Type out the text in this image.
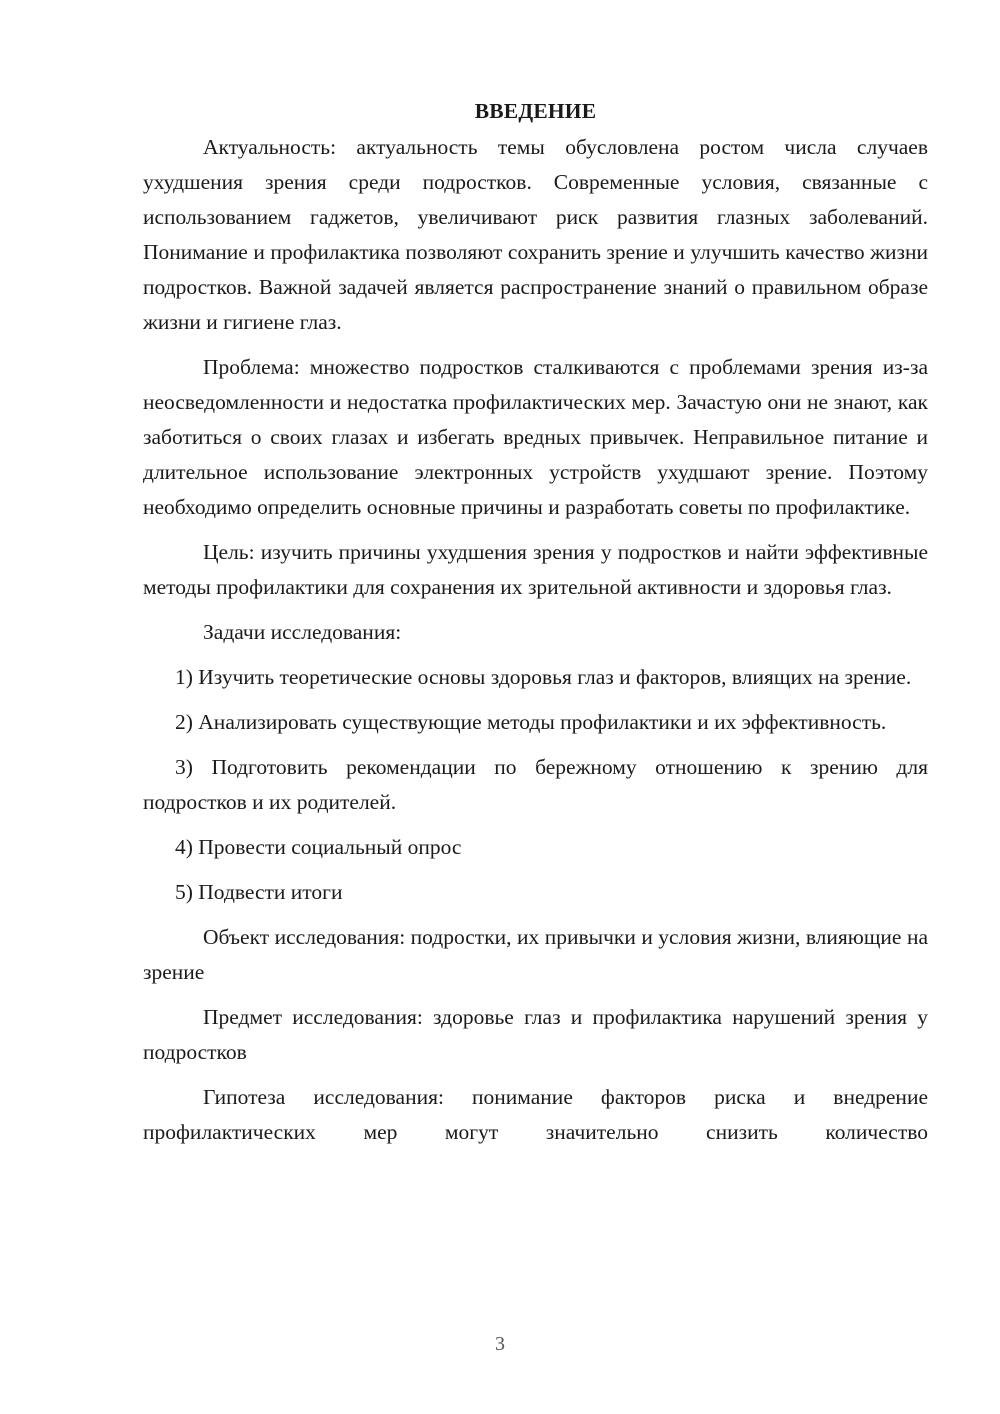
ВВЕДЕНИЕ

Актуальность: актуальность темы обусловлена ростом числа случаев ухудшения зрения среди подростков. Современные условия, связанные с использованием гаджетов, увеличивают риск развития глазных заболеваний. Понимание и профилактика позволяют сохранить зрение и улучшить качество жизни подростков. Важной задачей является распространение знаний о правильном образе жизни и гигиене глаз.

Проблема: множество подростков сталкиваются с проблемами зрения из-за неосведомленности и недостатка профилактических мер. Зачастую они не знают, как заботиться о своих глазах и избегать вредных привычек. Неправильное питание и длительное использование электронных устройств ухудшают зрение. Поэтому необходимо определить основные причины и разработать советы по профилактике.

Цель: изучить причины ухудшения зрения у подростков и найти эффективные методы профилактики для сохранения их зрительной активности и здоровья глаз.

Задачи исследования:

1) Изучить теоретические основы здоровья глаз и факторов, влиящих на зрение.

2) Анализировать существующие методы профилактики и их эффективность.

3) Подготовить рекомендации по бережному отношению к зрению для подростков и их родителей.

4) Провести социальный опрос

5) Подвести итоги

Объект исследования: подростки, их привычки и условия жизни, влияющие на зрение

Предмет исследования: здоровье глаз и профилактика нарушений зрения у подростков

Гипотеза исследования: понимание факторов риска и внедрение профилактических мер могут значительно снизить количество

3
